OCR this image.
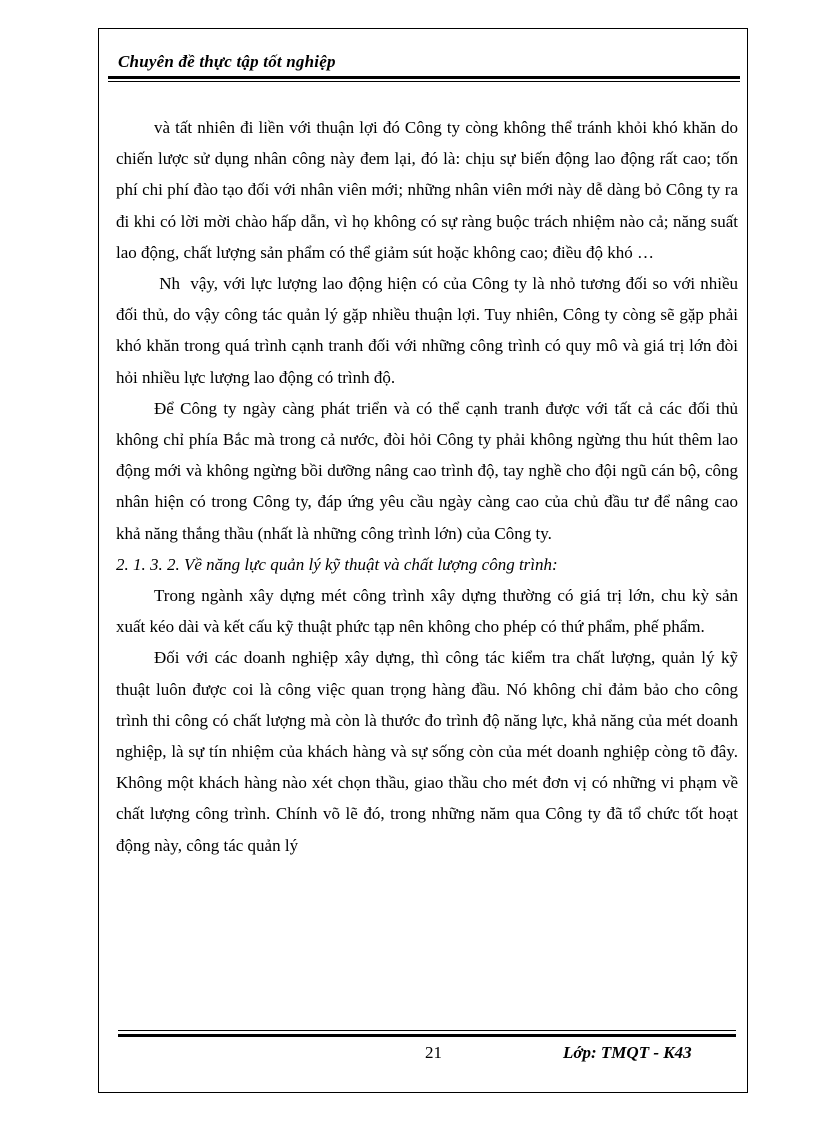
Chuyên đề thực tập tốt nghiệp

và tất nhiên đi liền với thuận lợi đó Công ty còng không thể tránh khỏi khó khăn do chiến lược sử dụng nhân công này đem lại, đó là: chịu sự biến động lao động rất cao; tốn phí chi phí đào tạo đối với nhân viên mới; những nhân viên mới này dễ dàng bỏ Công ty ra đi khi có lời mời chào hấp dẫn, vì họ không có sự ràng buộc trách nhiệm nào cả; năng suất lao động, chất lượng sản phẩm có thể giảm sút hoặc không cao; điều độ khó …

Nh  vậy, với lực lượng lao động hiện có của Công ty là nhỏ tương đối so với nhiều đối thủ, do vậy công tác quản lý gặp nhiều thuận lợi. Tuy nhiên, Công ty còng sẽ gặp phải khó khăn trong quá trình cạnh tranh đối với những công trình có quy mô và giá trị lớn đòi hỏi nhiều lực lượng lao động có trình độ.

Để Công ty ngày càng phát triển và có thể cạnh tranh được với tất cả các đối thủ không chỉ phía Bắc mà trong cả nước, đòi hỏi Công ty phải không ngừng thu hút thêm lao động mới và không ngừng bồi dưỡng nâng cao trình độ, tay nghề cho đội ngũ cán bộ, công nhân hiện có trong Công ty, đáp ứng yêu cầu ngày càng cao của chủ đầu tư để nâng cao khả năng thắng thầu (nhất là những công trình lớn) của Công ty.

2. 1. 3. 2. Về năng lực quản lý kỹ thuật và chất lượng công trình:

Trong ngành xây dựng mét công trình xây dựng thường có giá trị lớn, chu kỳ sản xuất kéo dài và kết cấu kỹ thuật phức tạp nên không cho phép có thứ phẩm, phế phẩm.

Đối với các doanh nghiệp xây dựng, thì công tác kiểm tra chất lượng, quản lý kỹ thuật luôn được coi là công việc quan trọng hàng đầu. Nó không chỉ đảm bảo cho công trình thi công có chất lượng mà còn là thước đo trình độ năng lực, khả năng của mét doanh nghiệp, là sự tín nhiệm của khách hàng và sự sống còn của mét doanh nghiệp còng tõ đây. Không một khách hàng nào xét chọn thầu, giao thầu cho mét đơn vị có những vi phạm về chất lượng công trình. Chính võ lẽ đó, trong những năm qua Công ty đã tổ chức tốt hoạt động này, công tác quản lý

21	Lớp: TMQT - K43
